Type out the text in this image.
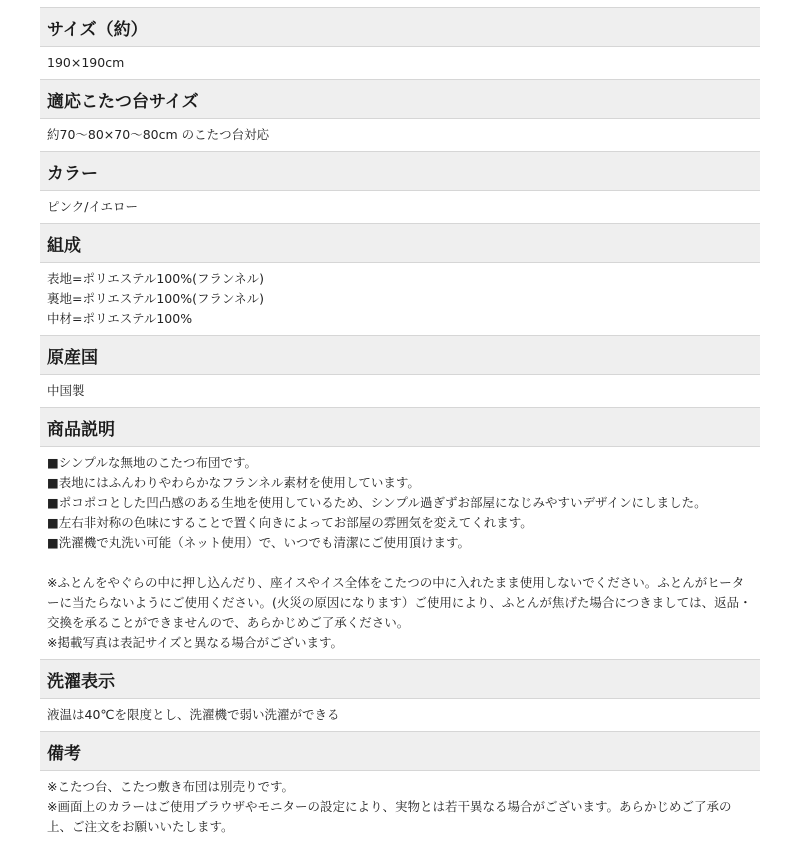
サイズ（約）
190×190cm
適応こたつ台サイズ
約70～80×70～80cm のこたつ台対応
カラー
ピンク/イエロー
組成
表地=ポリエステル100%(フランネル)
裏地=ポリエステル100%(フランネル)
中材=ポリエステル100%
原産国
中国製
商品説明
■シンプルな無地のこたつ布団です。
■表地にはふんわりやわらかなフランネル素材を使用しています。
■ポコポコとした凹凸感のある生地を使用しているため、シンプル過ぎずお部屋になじみやすいデザインにしました。
■左右非対称の色味にすることで置く向きによってお部屋の雰囲気を変えてくれます。
■洗濯機で丸洗い可能（ネット使用）で、いつでも清潔にご使用頂けます。
※ふとんをやぐらの中に押し込んだり、座イスやイス全体をこたつの中に入れたまま使用しないでください。ふとんがヒーターに当たらないようにご使用ください。(火災の原因になります）ご使用により、ふとんが焦げた場合につきましては、返品・交換を承ることができませんので、あらかじめご了承ください。
※掲載写真は表記サイズと異なる場合がございます。
洗濯表示
液温は40℃を限度とし、洗濯機で弱い洗濯ができる
備考
※こたつ台、こたつ敷き布団は別売りです。
※画面上のカラーはご使用ブラウザやモニターの設定により、実物とは若干異なる場合がございます。あらかじめご了承の上、ご注文をお願いいたします。
